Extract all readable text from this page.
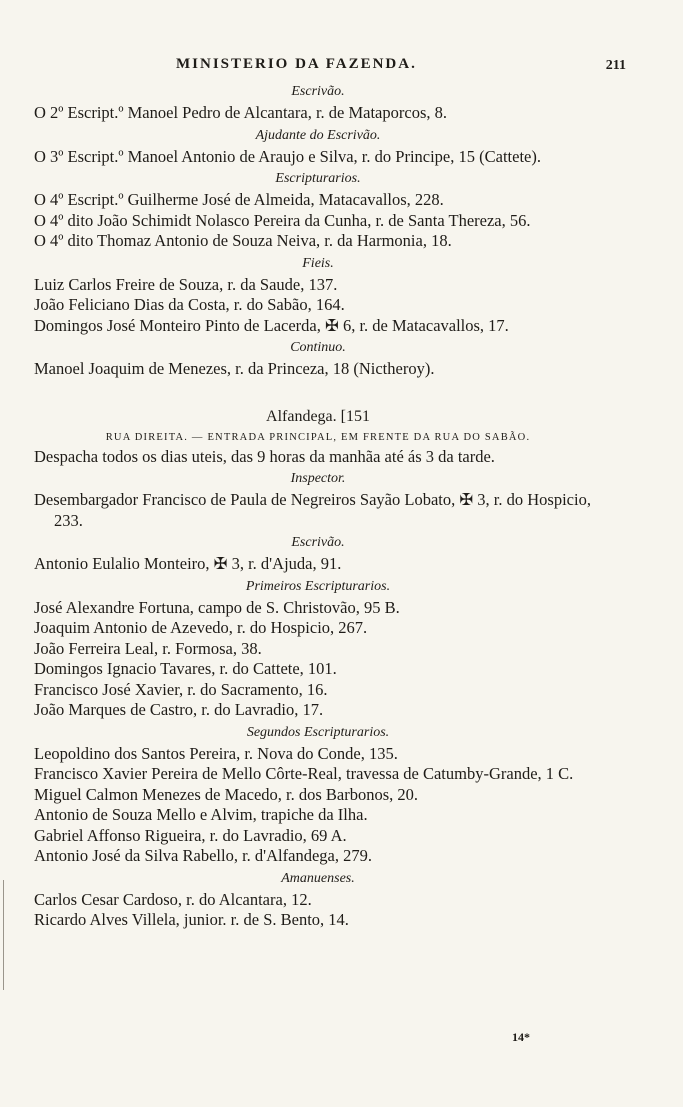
MINISTERIO DA FAZENDA.	211
Escrivão.
O 2º Escript.º Manoel Pedro de Alcantara, r. de Mataporcos, 8.
Ajudante do Escrivão.
O 3º Escript.º Manoel Antonio de Araujo e Silva, r. do Principe, 15 (Cattete).
Escripturarios.
O 4º Escript.º Guilherme José de Almeida, Matacavallos, 228.
O 4º dito João Schimidt Nolasco Pereira da Cunha, r. de Santa Thereza, 56.
O 4º dito Thomaz Antonio de Souza Neiva, r. da Harmonia, 18.
Fieis.
Luiz Carlos Freire de Souza, r. da Saude, 137.
João Feliciano Dias da Costa, r. do Sabão, 164.
Domingos José Monteiro Pinto de Lacerda, ✠ 6, r. de Matacavallos, 17.
Continuo.
Manoel Joaquim de Menezes, r. da Princeza, 18 (Nictheroy).
Alfandega. [151
RUA DIREITA. — ENTRADA PRINCIPAL, EM FRENTE DA RUA DO SABÃO.
Despacha todos os dias uteis, das 9 horas da manhãa até ás 3 da tarde.
Inspector.
Desembargador Francisco de Paula de Negreiros Sayão Lobato, ✠ 3, r. do Hospicio, 233.
Escrivão.
Antonio Eulalio Monteiro, ✠ 3, r. d'Ajuda, 91.
Primeiros Escripturarios.
José Alexandre Fortuna, campo de S. Christovão, 95 B.
Joaquim Antonio de Azevedo, r. do Hospicio, 267.
João Ferreira Leal, r. Formosa, 38.
Domingos Ignacio Tavares, r. do Cattete, 101.
Francisco José Xavier, r. do Sacramento, 16.
João Marques de Castro, r. do Lavradio, 17.
Segundos Escripturarios.
Leopoldino dos Santos Pereira, r. Nova do Conde, 135.
Francisco Xavier Pereira de Mello Côrte-Real, travessa de Catumby-Grande, 1 C.
Miguel Calmon Menezes de Macedo, r. dos Barbonos, 20.
Antonio de Souza Mello e Alvim, trapiche da Ilha.
Gabriel Affonso Rigueira, r. do Lavradio, 69 A.
Antonio José da Silva Rabello, r. d'Alfandega, 279.
Amanuenses.
Carlos Cesar Cardoso, r. do Alcantara, 12.
Ricardo Alves Villela, junior. r. de S. Bento, 14.
14*
